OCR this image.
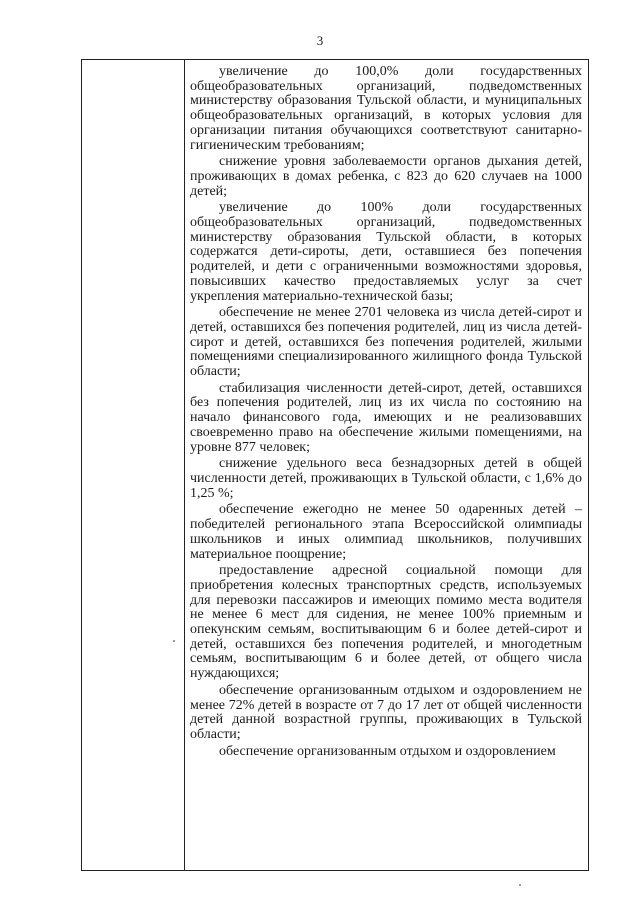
3

увеличение до 100,0% доли государственных общеобразовательных организаций, подведомственных министерству образования Тульской области, и муниципальных общеобразовательных организаций, в которых условия для организации питания обучающихся соответствуют санитарно-гигиеническим требованиям;

снижение уровня заболеваемости органов дыхания детей, проживающих в домах ребенка, с 823 до 620 случаев на 1000 детей;

увеличение до 100% доли государственных общеобразовательных организаций, подведомственных министерству образования Тульской области, в которых содержатся дети-сироты, дети, оставшиеся без попечения родителей, и дети с ограниченными возможностями здоровья, повысивших качество предоставляемых услуг за счет укрепления материально-технической базы;

обеспечение не менее 2701 человека из числа детей-сирот и детей, оставшихся без попечения родителей, лиц из числа детей-сирот и детей, оставшихся без попечения родителей, жилыми помещениями специализированного жилищного фонда Тульской области;

стабилизация численности детей-сирот, детей, оставшихся без попечения родителей, лиц из их числа по состоянию на начало финансового года, имеющих и не реализовавших своевременно право на обеспечение жилыми помещениями, на уровне 877 человек;

снижение удельного веса безнадзорных детей в общей численности детей, проживающих в Тульской области, с 1,6% до 1,25 %;

обеспечение ежегодно не менее 50 одаренных детей – победителей регионального этапа Всероссийской олимпиады школьников и иных олимпиад школьников, получивших материальное поощрение;

предоставление адресной социальной помощи для приобретения колесных транспортных средств, используемых для перевозки пассажиров и имеющих помимо места водителя не менее 6 мест для сидения, не менее 100% приемным и опекунским семьям, воспитывающим 6 и более детей-сирот и детей, оставшихся без попечения родителей, и многодетным семьям, воспитывающим 6 и более детей, от общего числа нуждающихся;

обеспечение организованным отдыхом и оздоровлением не менее 72% детей в возрасте от 7 до 17 лет от общей численности детей данной возрастной группы, проживающих в Тульской области;

обеспечение организованным отдыхом и оздоровлением
